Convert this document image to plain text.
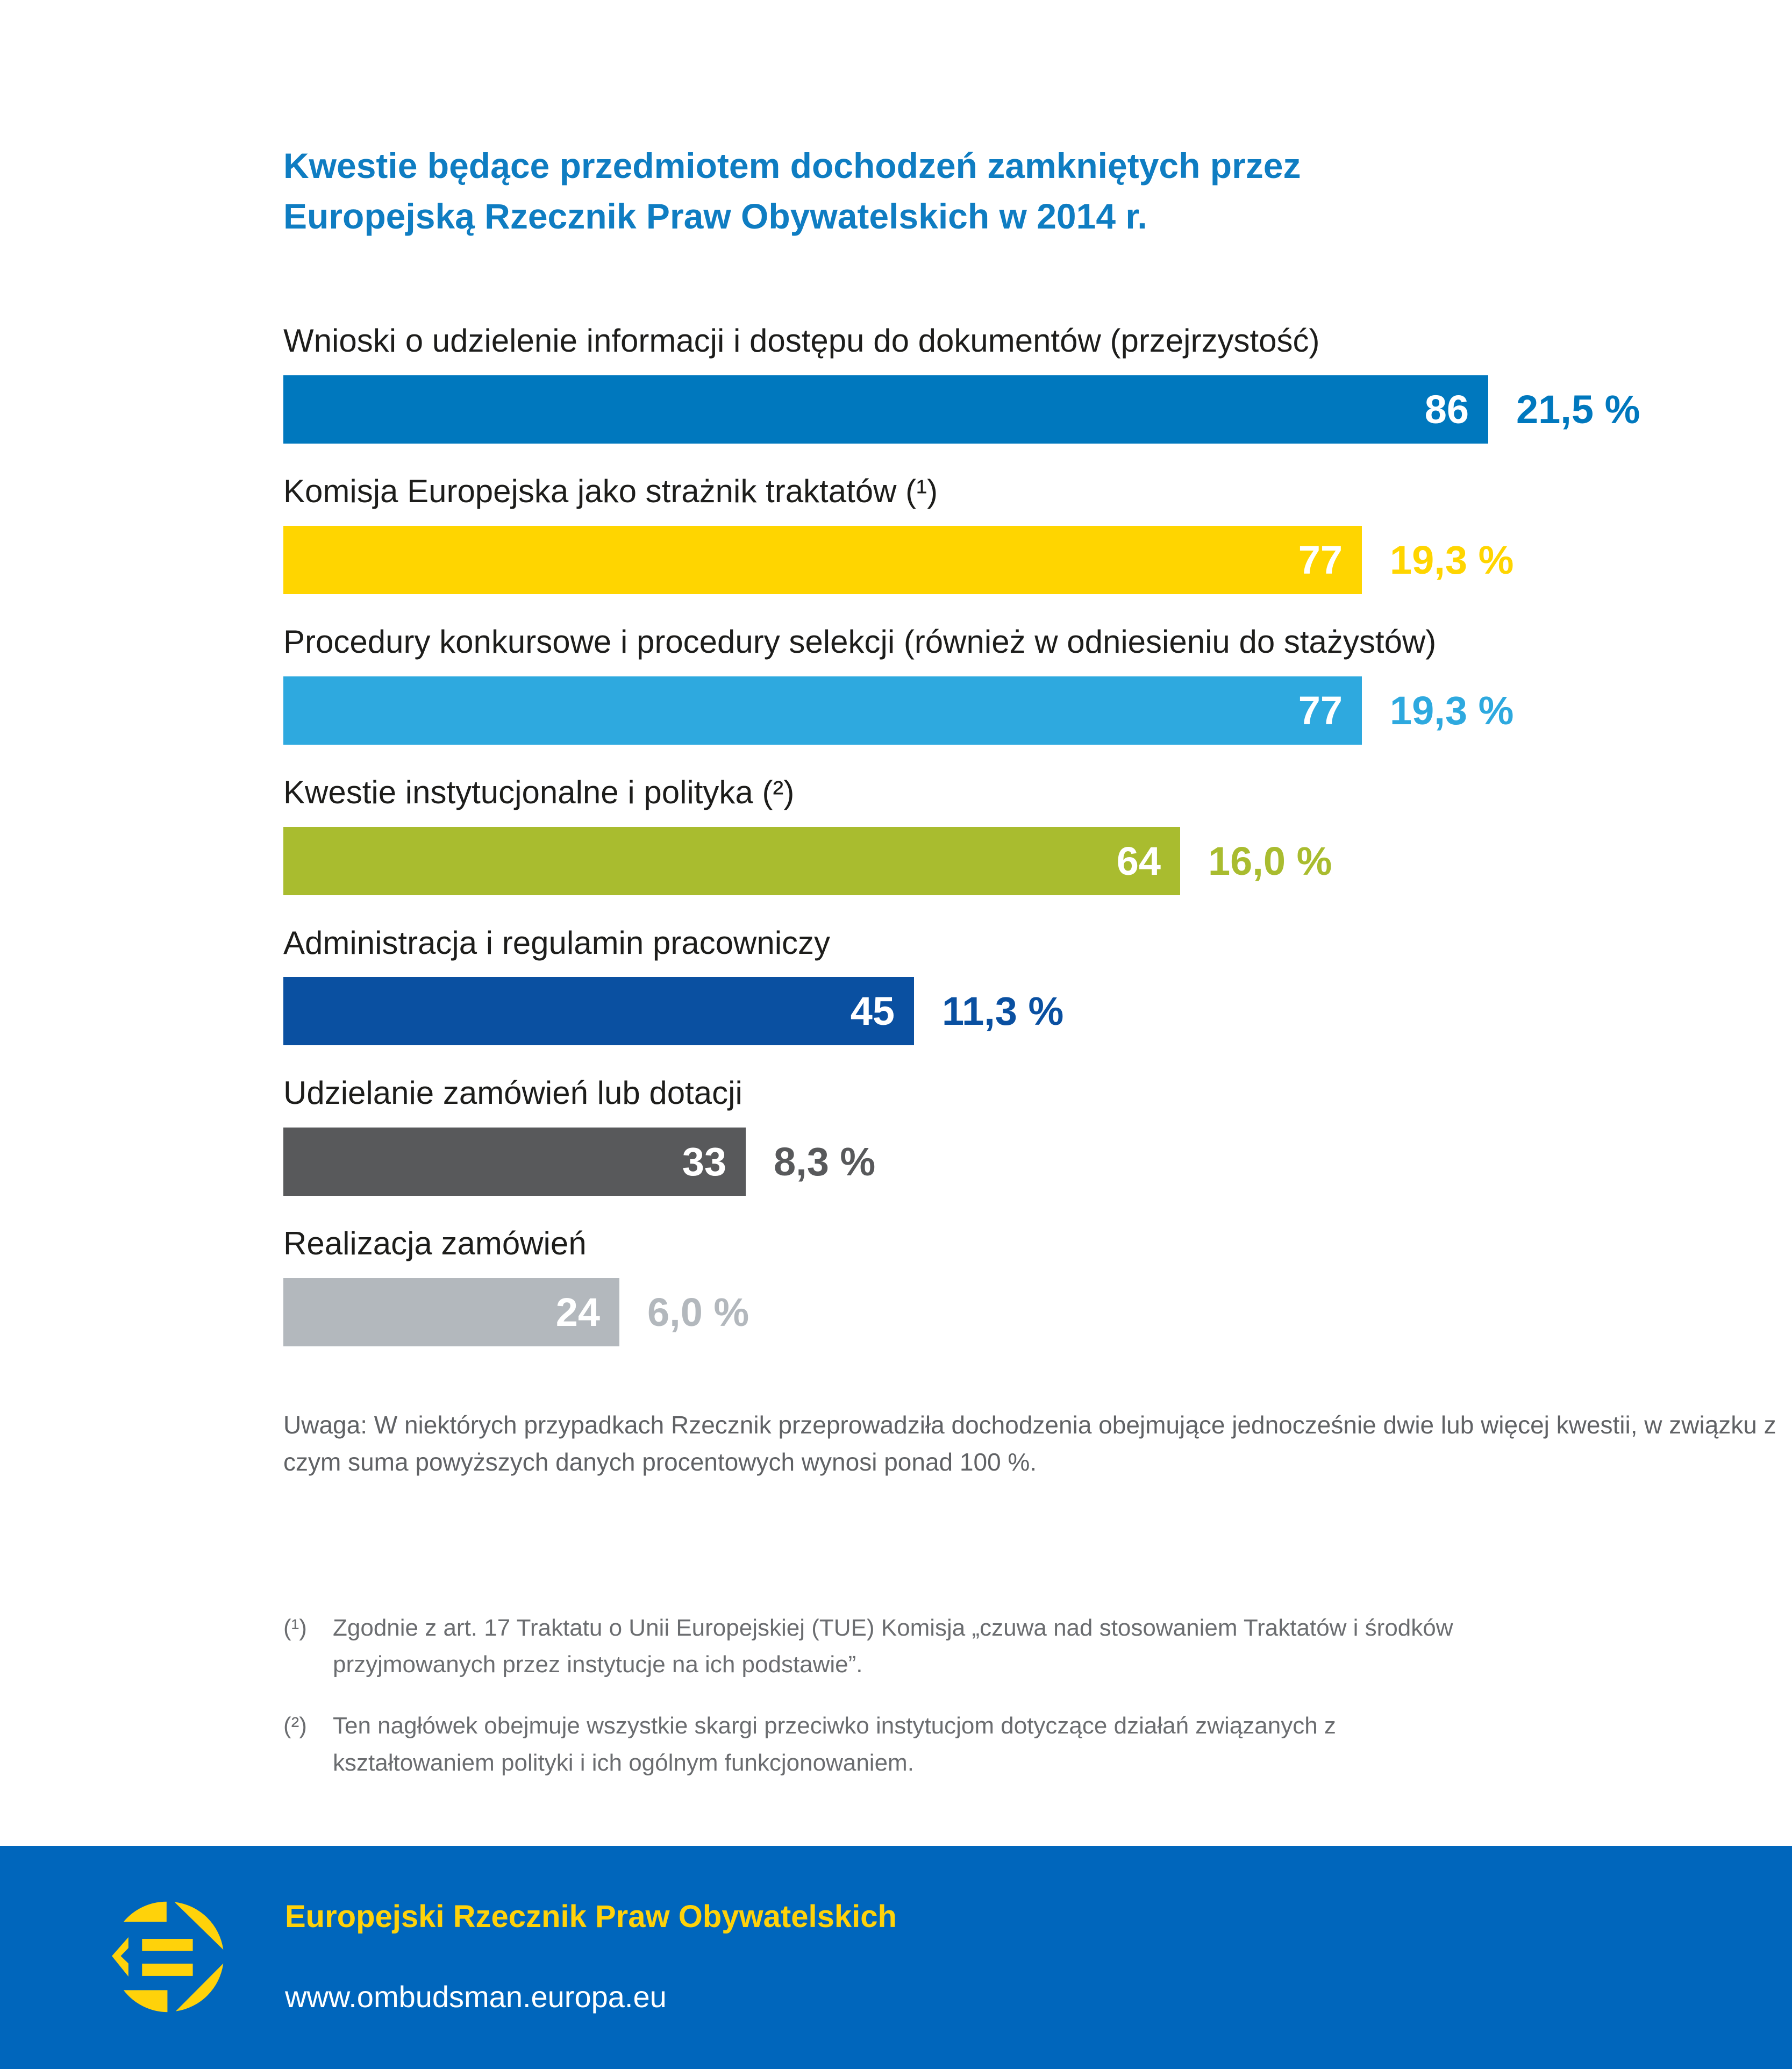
Kwestie będące przedmiotem dochodzeń zamkniętych przez
Europejską Rzecznik Praw Obywatelskich w 2014 r.
Wnioski o udzielenie informacji i dostępu do dokumentów (przejrzystość)
86 21,5 %
Komisja Europejska jako strażnik traktatów (¹)
77 19,3 %
Procedury konkursowe i procedury selekcji (również w odniesieniu do stażystów)
77 19,3 %
Kwestie instytucjonalne i polityka (²)
64 16,0 %
Administracja i regulamin pracowniczy
45 11,3 %
Udzielanie zamówień lub dotacji
33 8,3 %
Realizacja zamówień
24 6,0 %
Uwaga: W niektórych przypadkach Rzecznik przeprowadziła dochodzenia obejmujące jednocześnie dwie lub więcej kwestii, w związku z czym suma powyższych danych procentowych wynosi ponad 100 %.
(¹)	Zgodnie z art. 17 Traktatu o Unii Europejskiej (TUE) Komisja „czuwa nad stosowaniem Traktatów i środków przyjmowanych przez instytucje na ich podstawie”.
(²)	Ten nagłówek obejmuje wszystkie skargi przeciwko instytucjom dotyczące działań związanych z kształtowaniem polityki i ich ogólnym funkcjonowaniem.
Europejski Rzecznik Praw Obywatelskich
www.ombudsman.europa.eu
